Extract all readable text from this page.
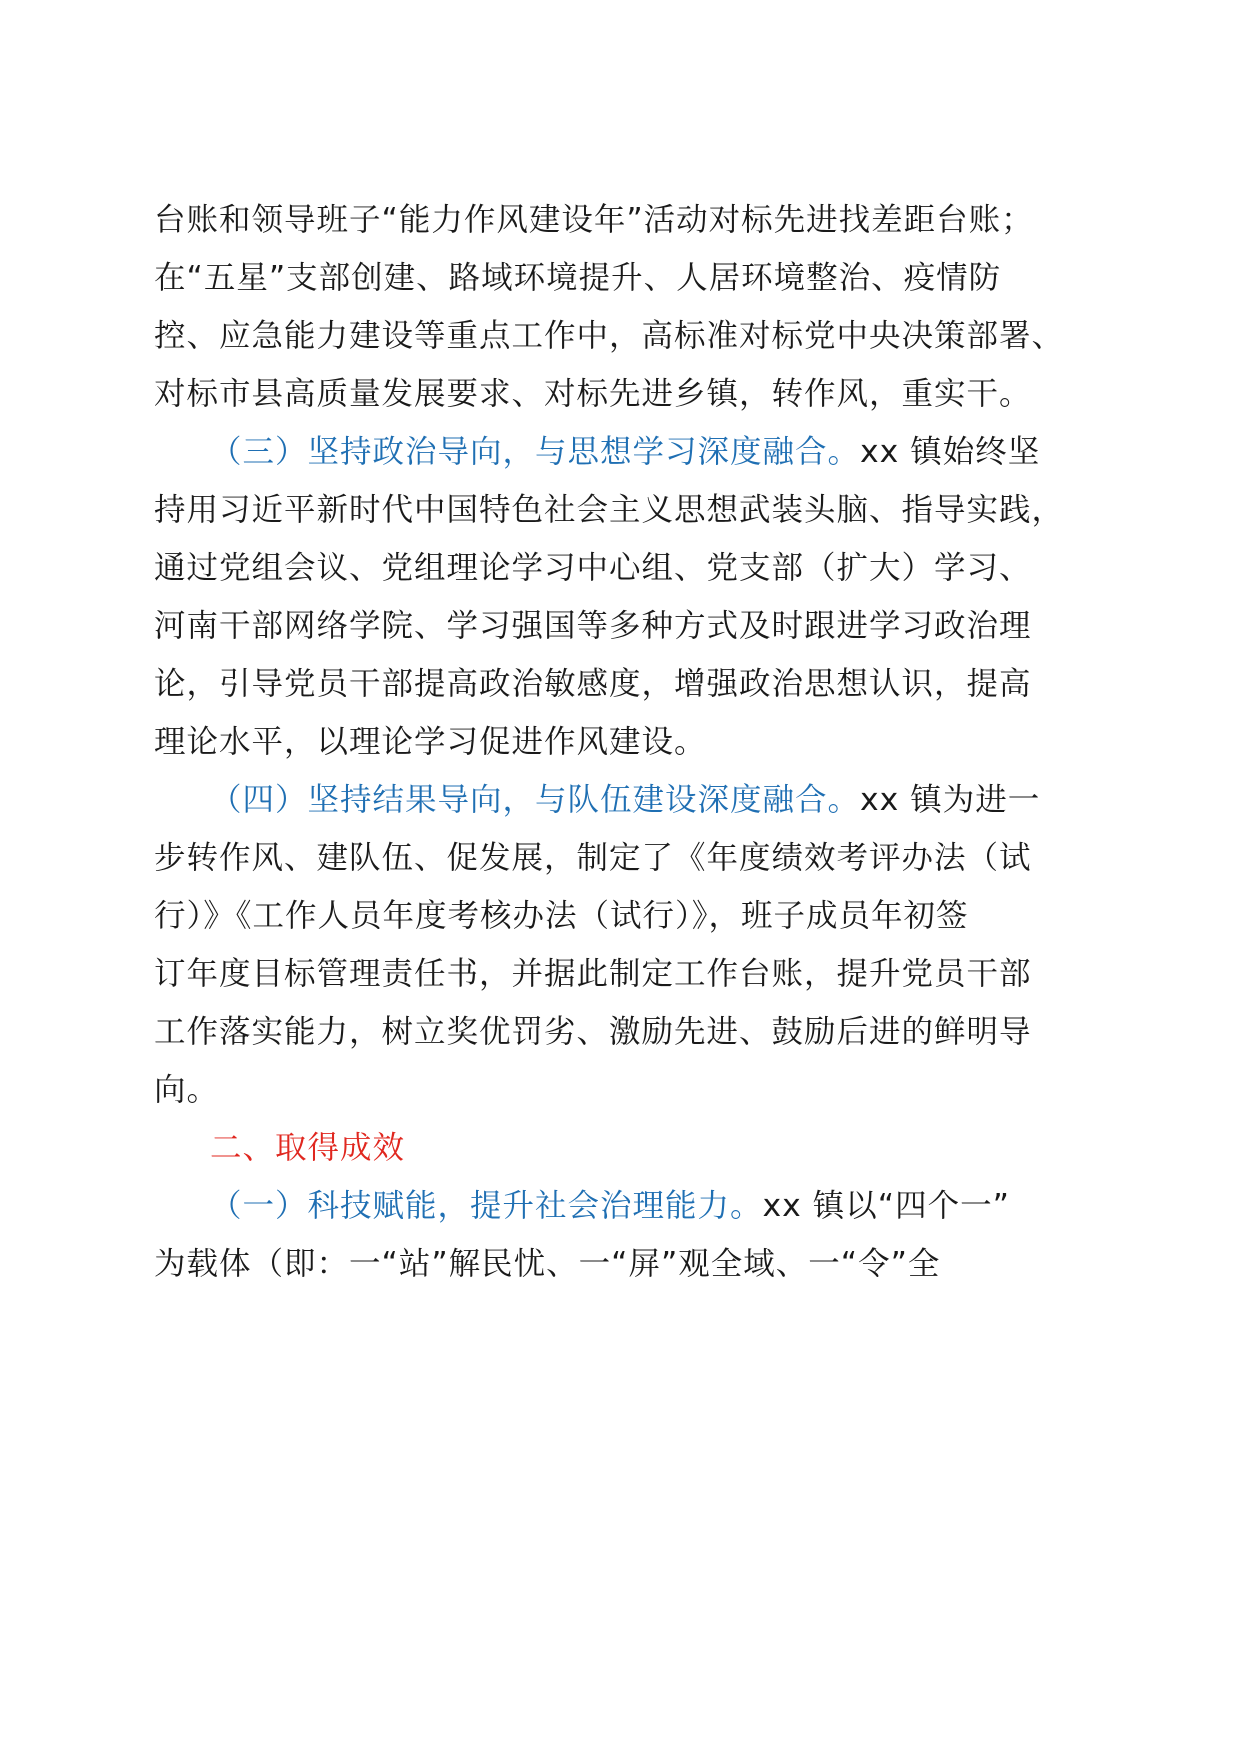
台账和领导班子“能力作风建设年”活动对标先进找差距台账；
在“五星”支部创建、路域环境提升、人居环境整治、疫情防
控、应急能力建设等重点工作中，高标准对标党中央决策部署、
对标市县高质量发展要求、对标先进乡镇，转作风，重实干。
（三）坚持政治导向，与思想学习深度融合。xx 镇始终坚
持用习近平新时代中国特色社会主义思想武装头脑、指导实践，
通过党组会议、党组理论学习中心组、党支部（扩大）学习、
河南干部网络学院、学习强国等多种方式及时跟进学习政治理
论，引导党员干部提高政治敏感度，增强政治思想认识，提高
理论水平，以理论学习促进作风建设。
（四）坚持结果导向，与队伍建设深度融合。xx 镇为进一
步转作风、建队伍、促发展，制定了《年度绩效考评办法（试
行）》《工作人员年度考核办法（试行）》，班子成员年初签
订年度目标管理责任书，并据此制定工作台账，提升党员干部
工作落实能力，树立奖优罚劣、激励先进、鼓励后进的鲜明导
向。
二、取得成效
（一）科技赋能，提升社会治理能力。xx 镇以“四个一”
为载体（即：一“站”解民忧、一“屏”观全域、一“令”全
